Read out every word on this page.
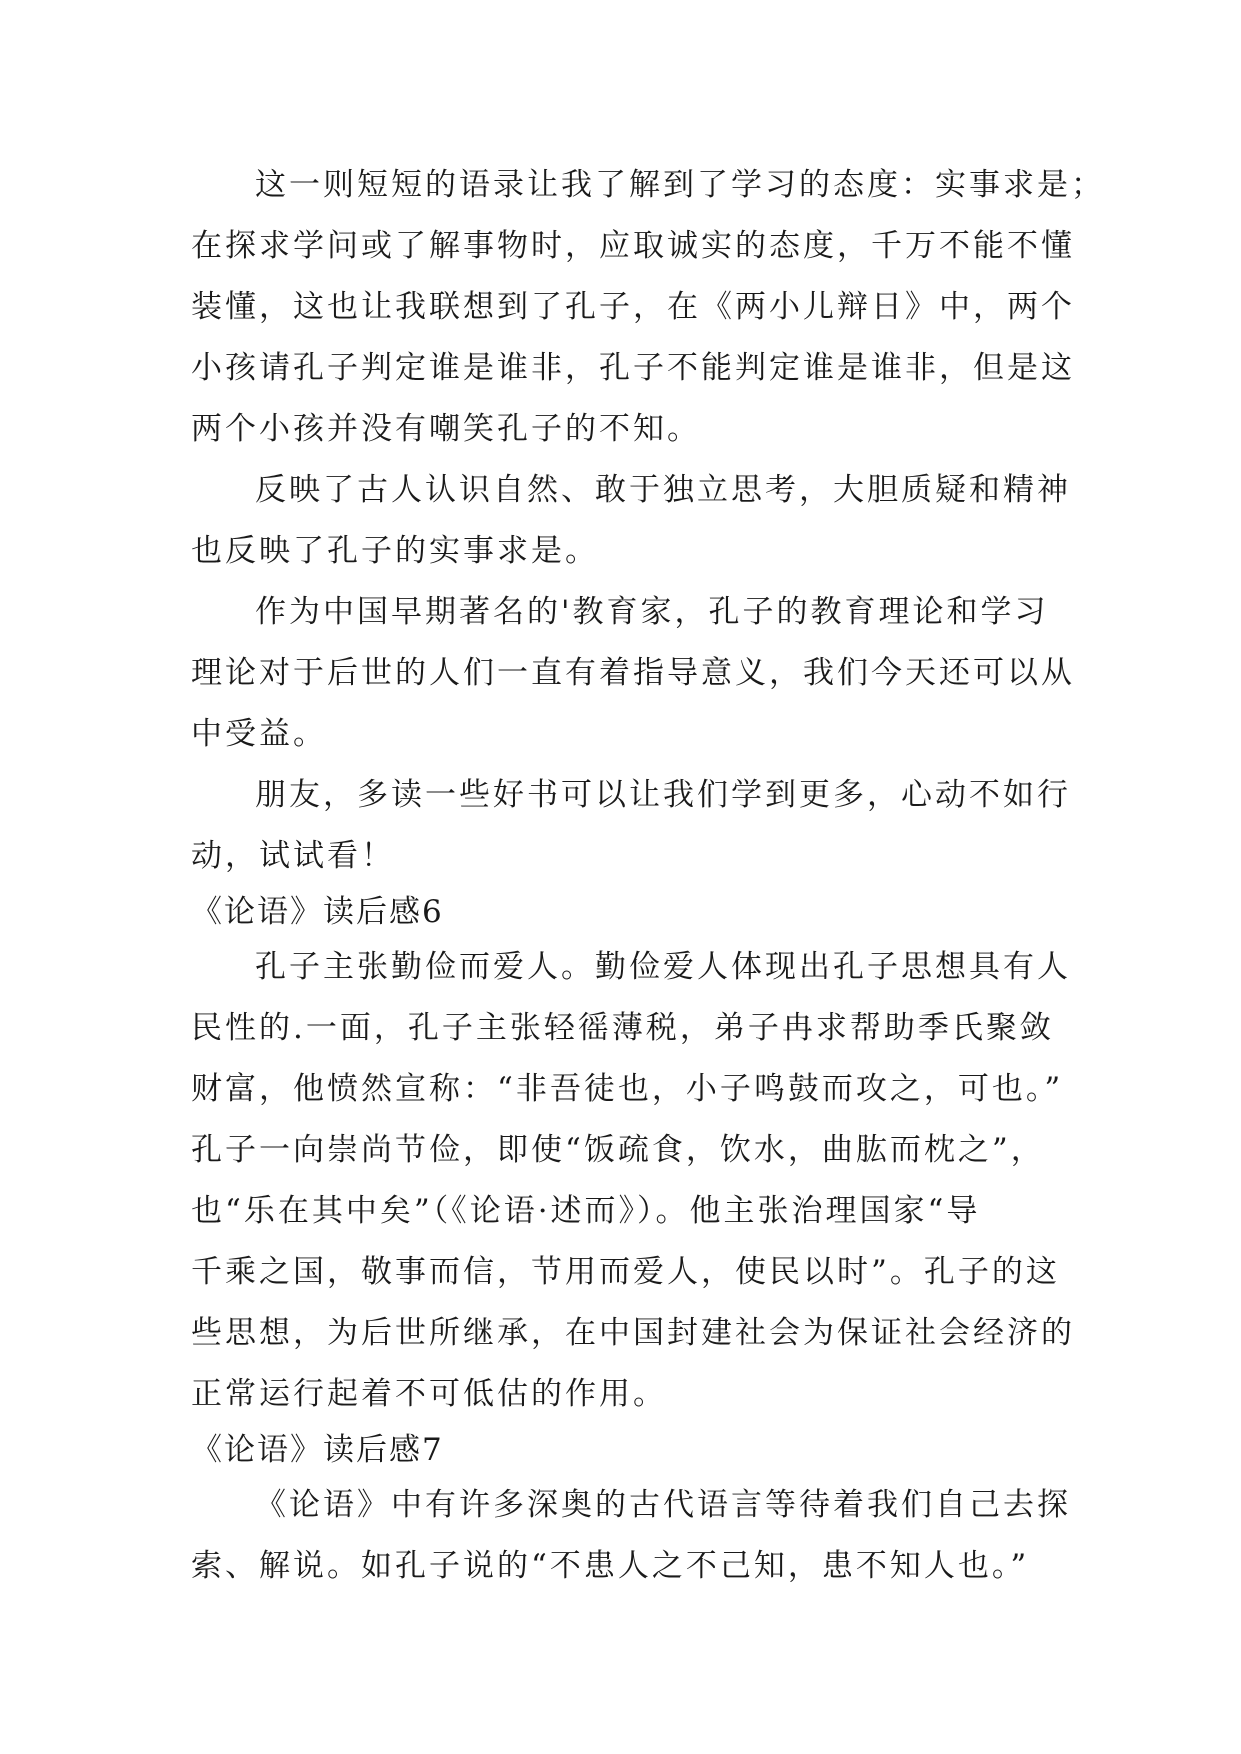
这一则短短的语录让我了解到了学习的态度：实事求是；
在探求学问或了解事物时，应取诚实的态度，千万不能不懂
装懂，这也让我联想到了孔子，在《两小儿辩日》中，两个
小孩请孔子判定谁是谁非，孔子不能判定谁是谁非，但是这
两个小孩并没有嘲笑孔子的不知。
反映了古人认识自然、敢于独立思考，大胆质疑和精神
也反映了孔子的实事求是。
作为中国早期著名的'教育家，孔子的教育理论和学习
理论对于后世的人们一直有着指导意义，我们今天还可以从
中受益。
朋友，多读一些好书可以让我们学到更多，心动不如行
动，试试看！
《论语》读后感6
孔子主张勤俭而爱人。勤俭爱人体现出孔子思想具有人
民性的.一面，孔子主张轻徭薄税，弟子冉求帮助季氏聚敛
财富，他愤然宣称：“非吾徒也，小子鸣鼓而攻之，可也。”
孔子一向崇尚节俭，即使“饭疏食，饮水，曲肱而枕之”，
也“乐在其中矣”（《论语·述而》）。他主张治理国家“导
千乘之国，敬事而信，节用而爱人，使民以时”。孔子的这
些思想，为后世所继承，在中国封建社会为保证社会经济的
正常运行起着不可低估的作用。
《论语》读后感7
《论语》中有许多深奥的古代语言等待着我们自己去探
索、解说。如孔子说的“不患人之不己知，患不知人也。”
